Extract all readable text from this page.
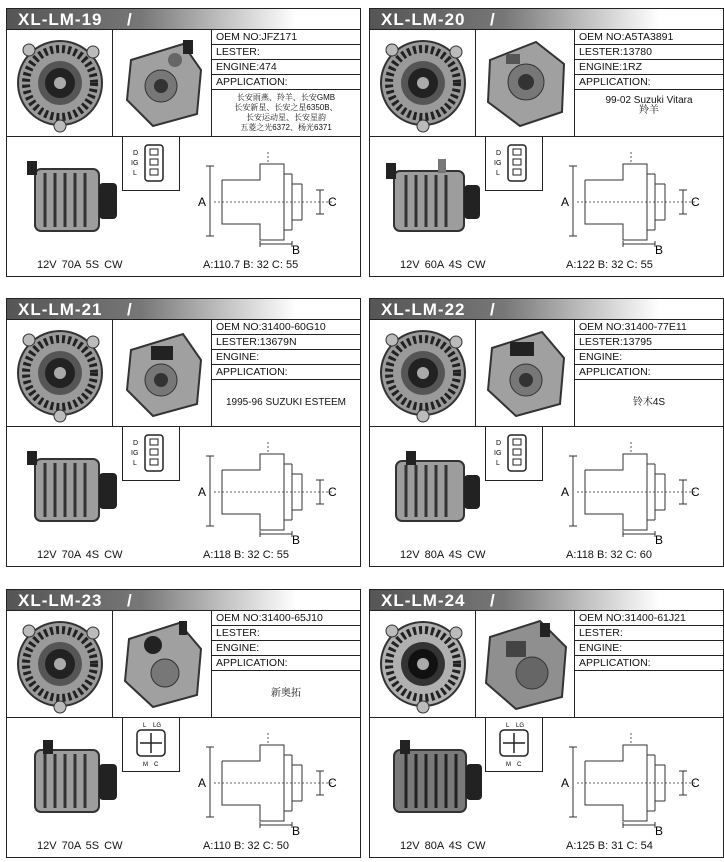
XL-LM-19 /
OEM NO:JFZ171
LESTER:
ENGINE:474
APPLICATION:
长安雨燕、羚羊、长安GMB
长安新星、长安之星6350B、
长安运动星、长安星韵
五菱之光6372、杨光6371
D
IG
L
A
B
C
12V 70A 5S CW	A:110.7 B: 32 C: 55
XL-LM-20 /
OEM NO:A5TA3891
LESTER:13780
ENGINE:1RZ
APPLICATION:
99-02 Suzuki Vitara
羚羊
D
IG
L
A
B
C
12V 60A 4S CW	A:122 B: 32 C: 55
XL-LM-21 /
OEM NO:31400-60G10
LESTER:13679N
ENGINE:
APPLICATION:
1995-96 SUZUKI ESTEEM
D
IG
L
A
B
C
12V 70A 4S CW	A:118 B: 32 C: 55
XL-LM-22 /
OEM NO:31400-77E11
LESTER:13795
ENGINE:
APPLICATION:
铃木4S
D
IG
L
A
B
C
12V 80A 4S CW	A:118 B: 32 C: 60
XL-LM-23 /
OEM NO:31400-65J10
LESTER:
ENGINE:
APPLICATION:
新奥拓
L LG
M C
A
B
C
12V 70A 5S CW	A:110 B: 32 C: 50
XL-LM-24 /
OEM NO:31400-61J21
LESTER:
ENGINE:
APPLICATION:
L LG
M C
A
B
C
12V 80A 4S CW	A:125 B: 31 C: 54
